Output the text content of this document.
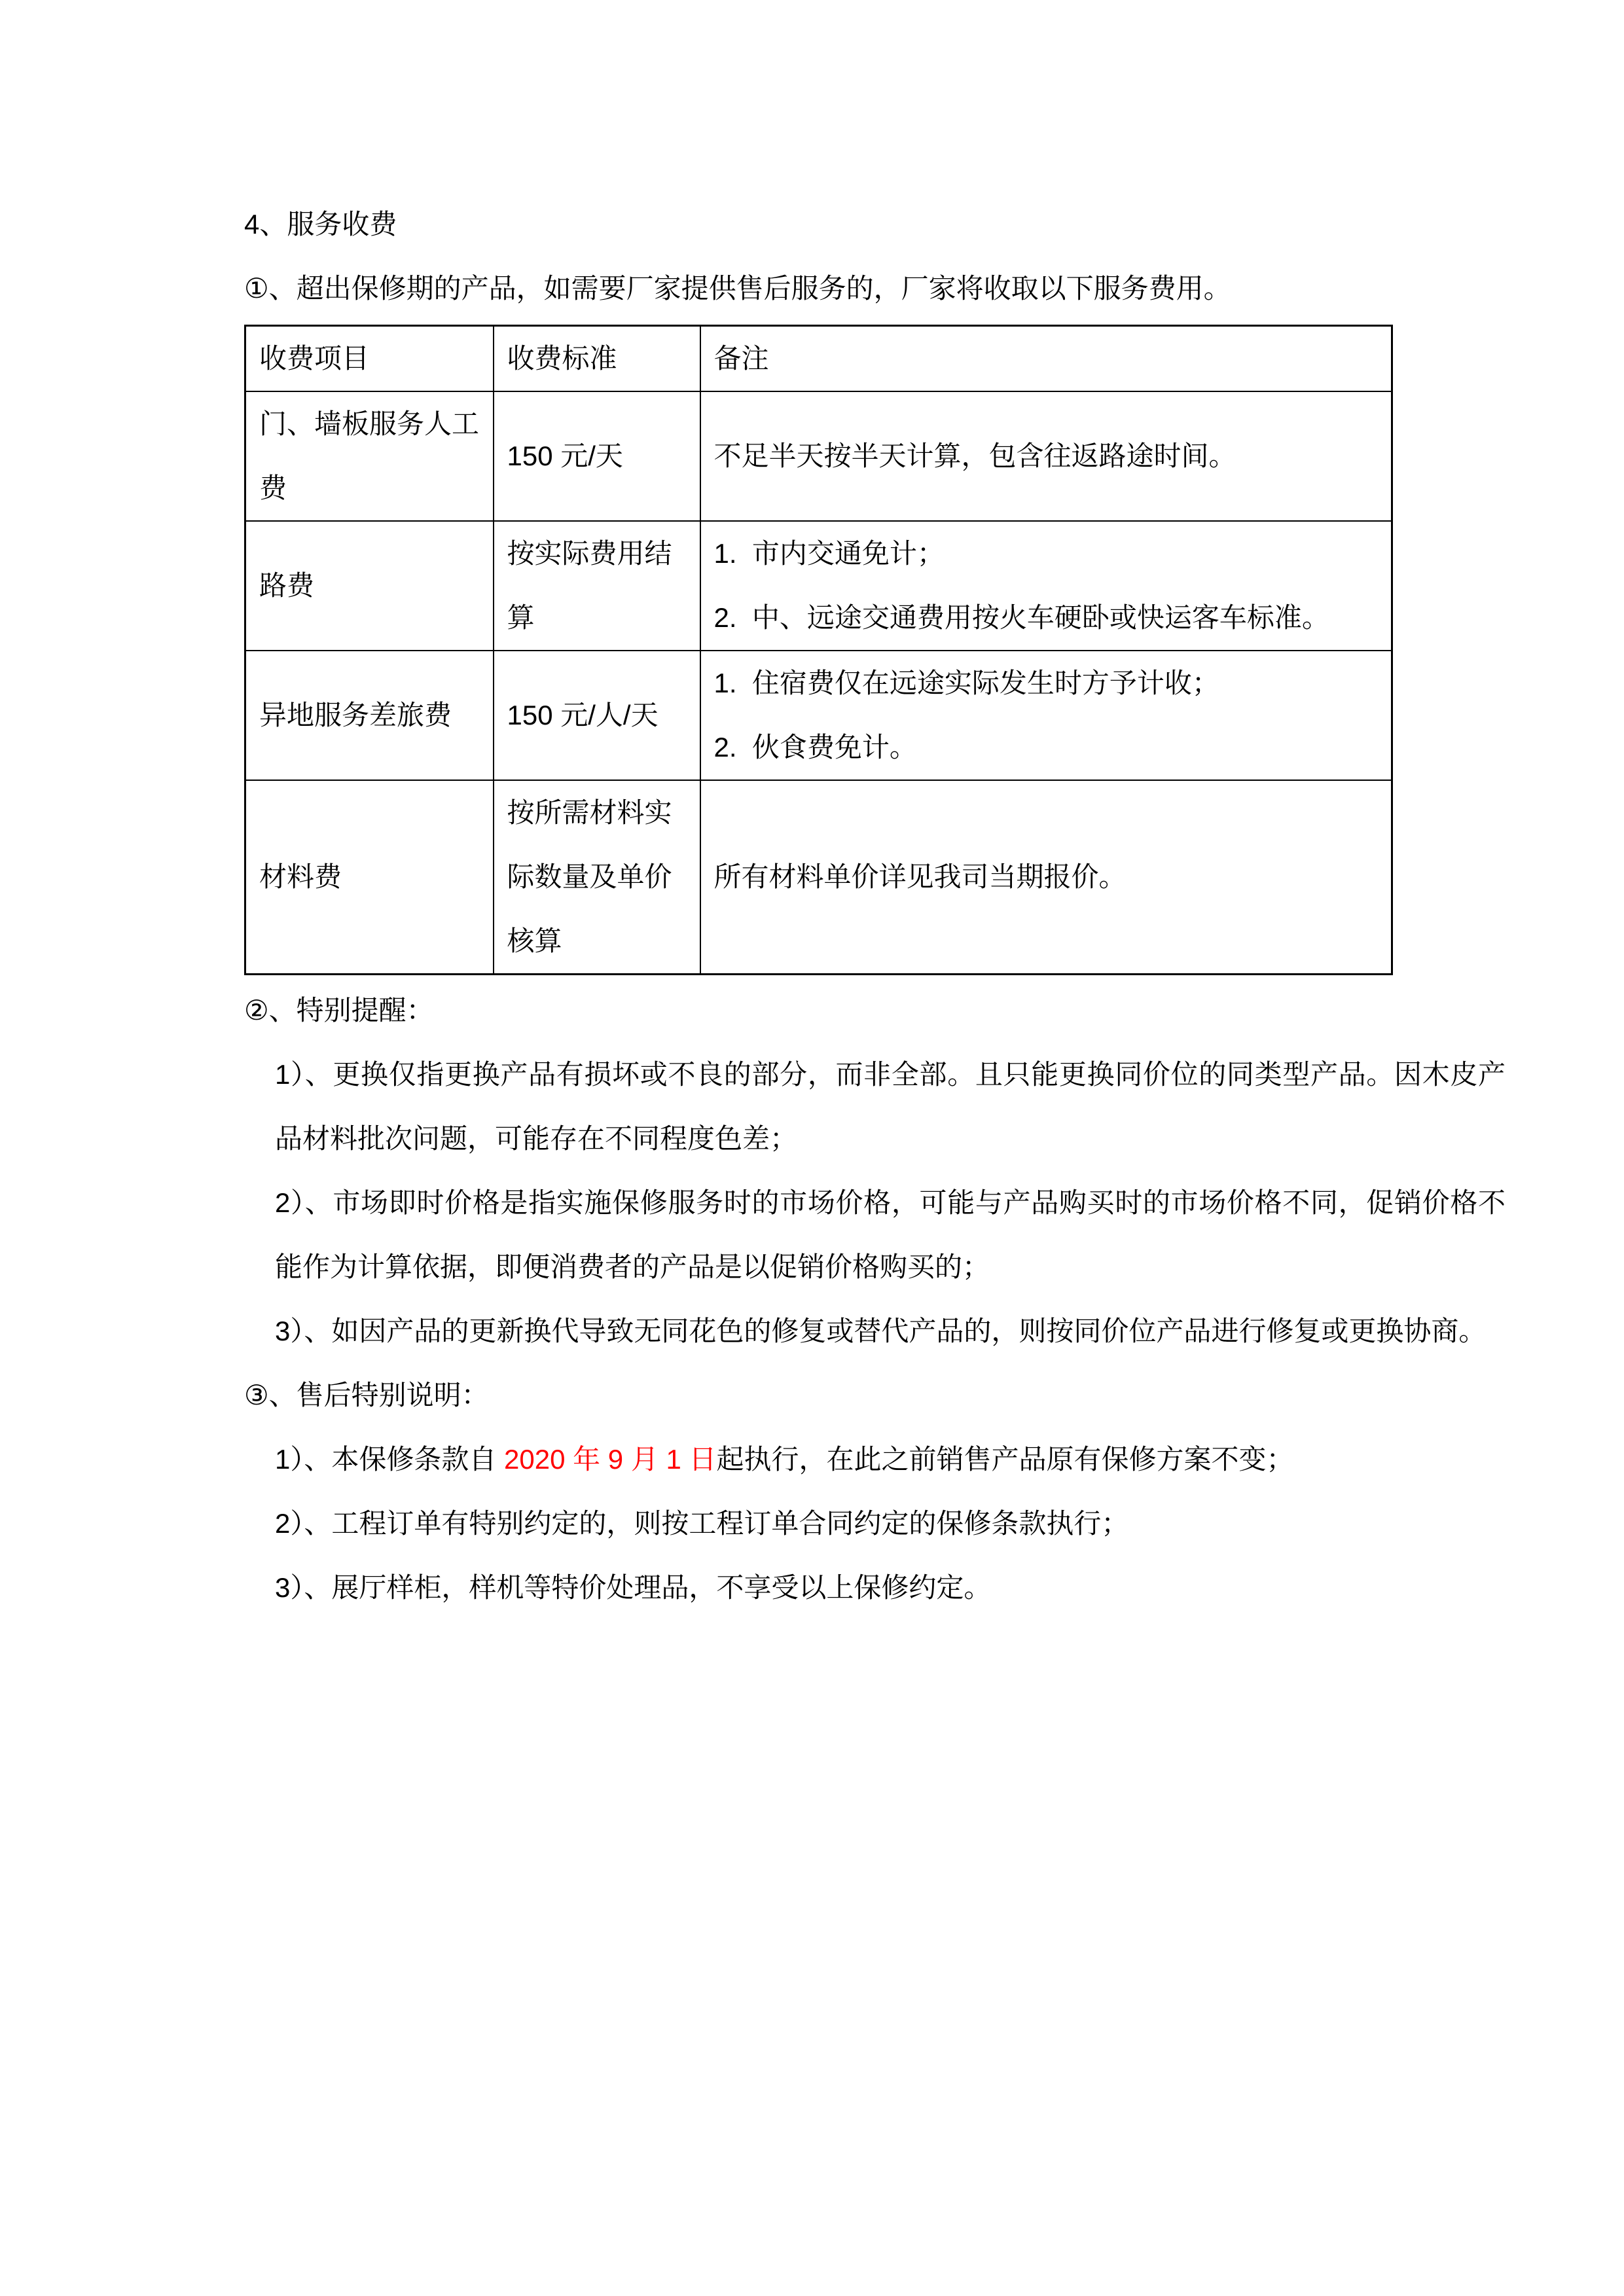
4、服务收费
①、超出保修期的产品，如需要厂家提供售后服务的，厂家将收取以下服务费用。
收费项目	收费标准	备注
门、墙板服务人工费	150 元/天	不足半天按半天计算，包含往返路途时间。

路费	按实际费用结算	1.  市内交通免计；
2.  中、远途交通费用按火车硬卧或快运客车标准。

异地服务差旅费	150 元/人/天	1.  住宿费仅在远途实际发生时方予计收；
2.  伙食费免计。

材料费	按所需材料实际数量及单价核算	所有材料单价详见我司当期报价。
②、特别提醒：
1）、更换仅指更换产品有损坏或不良的部分，而非全部。且只能更换同价位的同类型产品。因木皮产品材料批次问题，可能存在不同程度色差；
2）、市场即时价格是指实施保修服务时的市场价格，可能与产品购买时的市场价格不同，促销价格不能作为计算依据，即便消费者的产品是以促销价格购买的；
3）、如因产品的更新换代导致无同花色的修复或替代产品的，则按同价位产品进行修复或更换协商。
③、售后特别说明：
1）、本保修条款自 2020 年 9 月 1 日起执行，在此之前销售产品原有保修方案不变；
2）、工程订单有特别约定的，则按工程订单合同约定的保修条款执行；
3）、展厅样柜，样机等特价处理品，不享受以上保修约定。
